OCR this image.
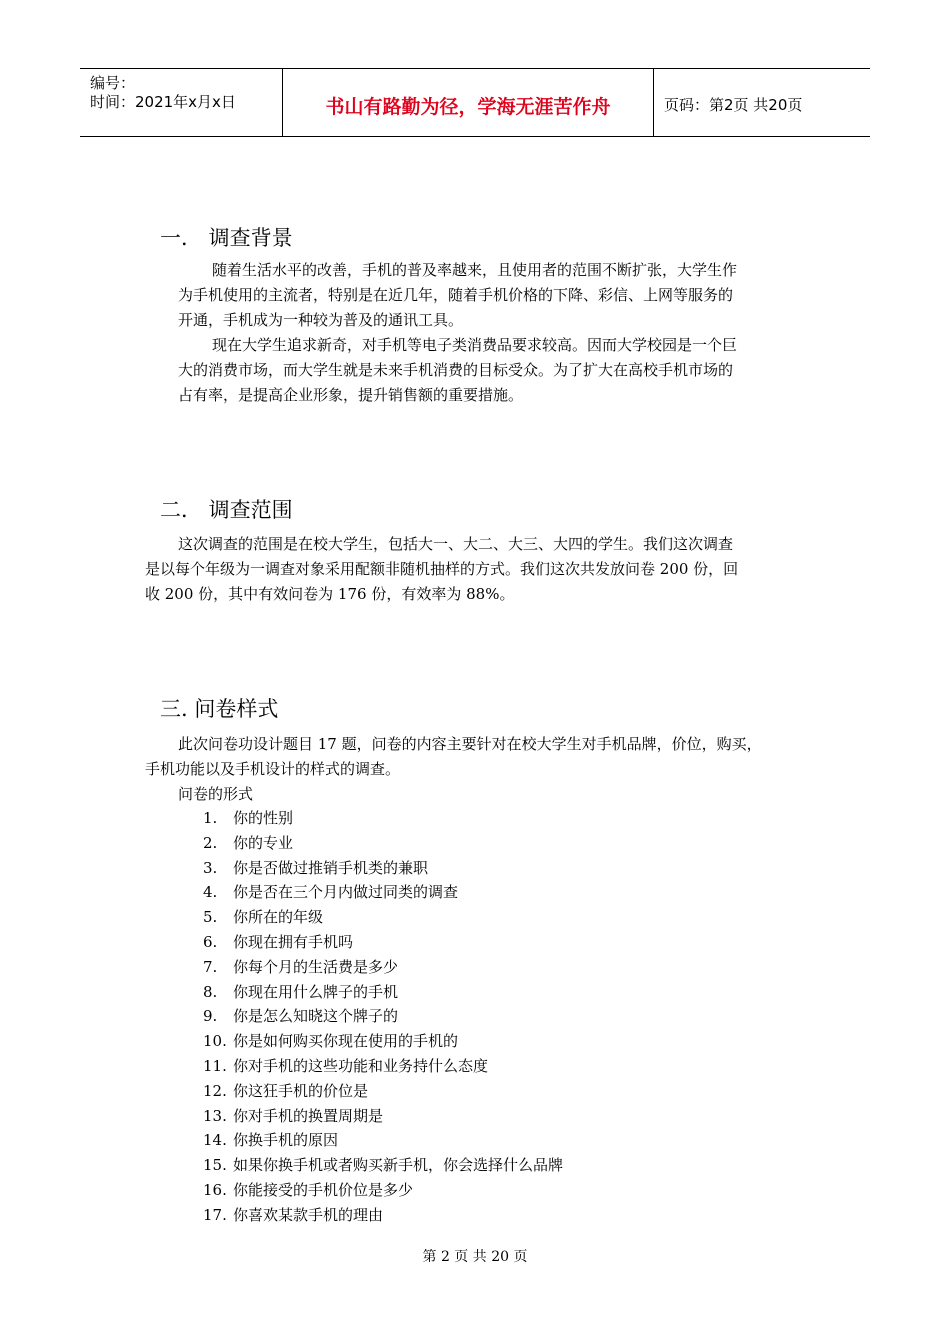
编号：
时间：2021年x月x日	书山有路勤为径，学海无涯苦作舟	页码：第2页 共20页
一． 调查背景
随着生活水平的改善，手机的普及率越来，且使用者的范围不断扩张，大学生作
为手机使用的主流者，特别是在近几年，随着手机价格的下降、彩信、上网等服务的
开通，手机成为一种较为普及的通讯工具。
现在大学生追求新奇，对手机等电子类消费品要求较高。因而大学校园是一个巨
大的消费市场，而大学生就是未来手机消费的目标受众。为了扩大在高校手机市场的
占有率，是提高企业形象，提升销售额的重要措施。
二． 调查范围
这次调查的范围是在校大学生，包括大一、大二、大三、大四的学生。我们这次调查
是以每个年级为一调查对象采用配额非随机抽样的方式。我们这次共发放问卷 200 份，回
收 200 份，其中有效问卷为 176 份，有效率为 88%。
三. 问卷样式
此次问卷功设计题目 17 题，问卷的内容主要针对在校大学生对手机品牌，价位，购买，
手机功能以及手机设计的样式的调查。
问卷的形式
1. 你的性别
2. 你的专业
3. 你是否做过推销手机类的兼职
4. 你是否在三个月内做过同类的调查
5. 你所在的年级
6. 你现在拥有手机吗
7. 你每个月的生活费是多少
8. 你现在用什么牌子的手机
9. 你是怎么知晓这个牌子的
10. 你是如何购买你现在使用的手机的
11. 你对手机的这些功能和业务持什么态度
12. 你这狂手机的价位是
13. 你对手机的换置周期是
14. 你换手机的原因
15. 如果你换手机或者购买新手机，你会选择什么品牌
16. 你能接受的手机价位是多少
17. 你喜欢某款手机的理由
第 2 页 共 20 页
